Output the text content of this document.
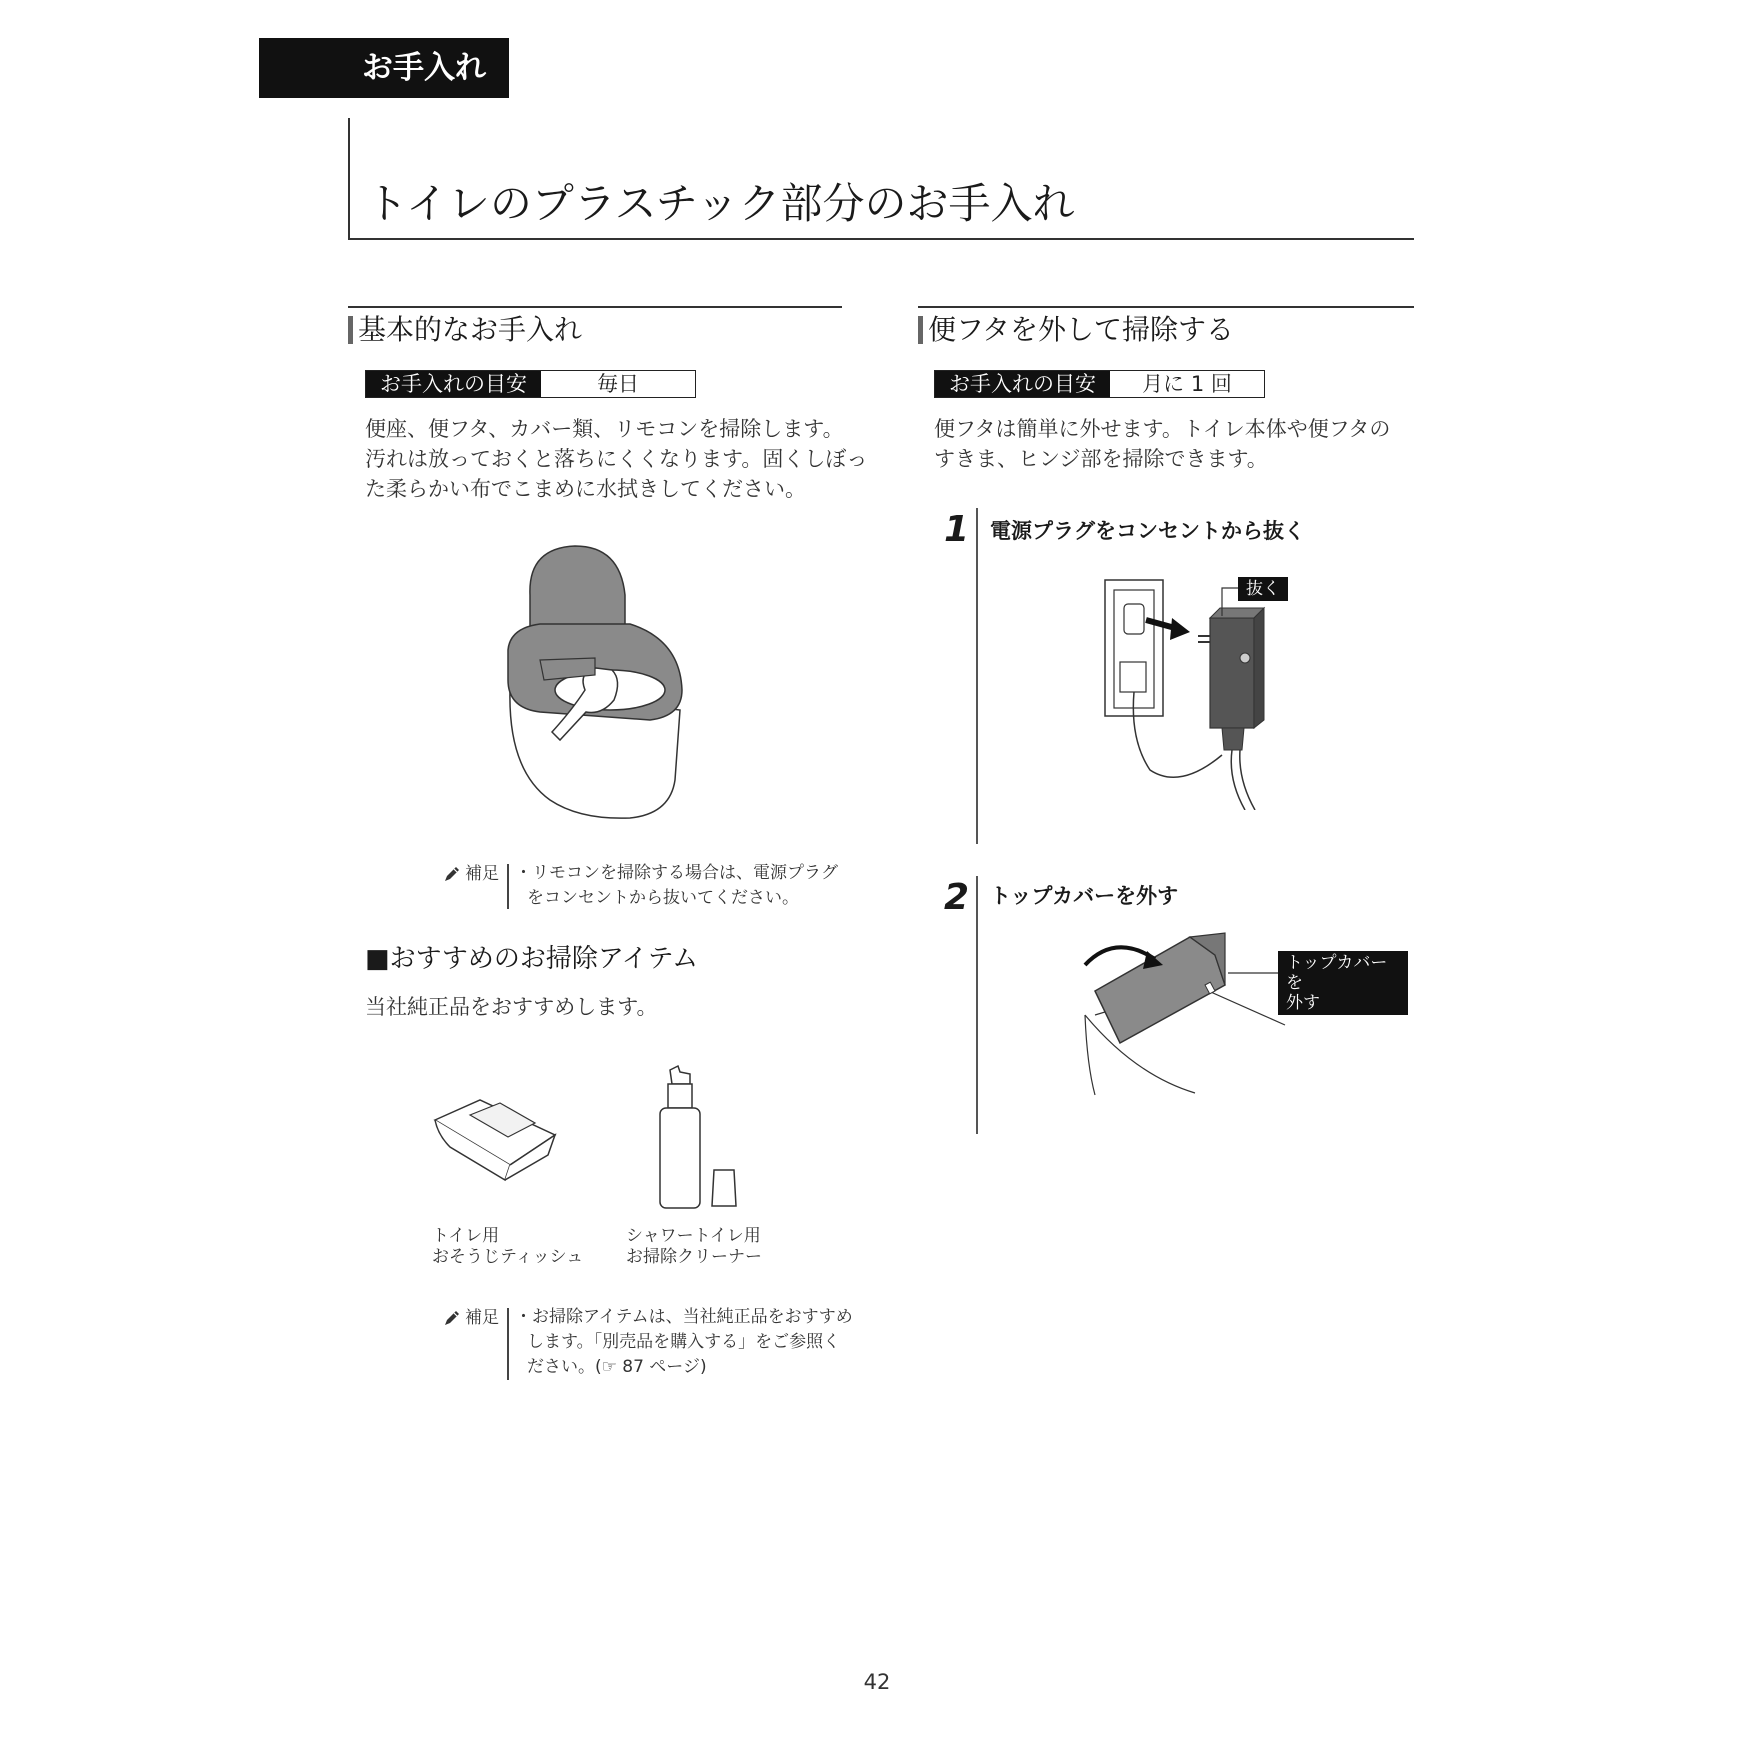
お手入れ
トイレのプラスチック部分のお手入れ
基本的なお手入れ
お手入れの目安	毎日
便座、便フタ、カバー類、リモコンを掃除します。
汚れは放っておくと落ちにくくなります。固くしぼっ
た柔らかい布でこまめに水拭きしてください。
補足 ・リモコンを掃除する場合は、電源プラグ
をコンセントから抜いてください。
■おすすめのお掃除アイテム
当社純正品をおすすめします。
トイレ用
おそうじティッシュ
シャワートイレ用
お掃除クリーナー
補足 ・お掃除アイテムは、当社純正品をおすすめ
します。「別売品を購入する」をご参照く
ださい。(☞ 87 ページ)
便フタを外して掃除する
お手入れの目安	月に 1 回
便フタは簡単に外せます。トイレ本体や便フタの
すきま、ヒンジ部を掃除できます。
1 電源プラグをコンセントから抜く
抜く
2 トップカバーを外す
トップカバーを
外す
42
